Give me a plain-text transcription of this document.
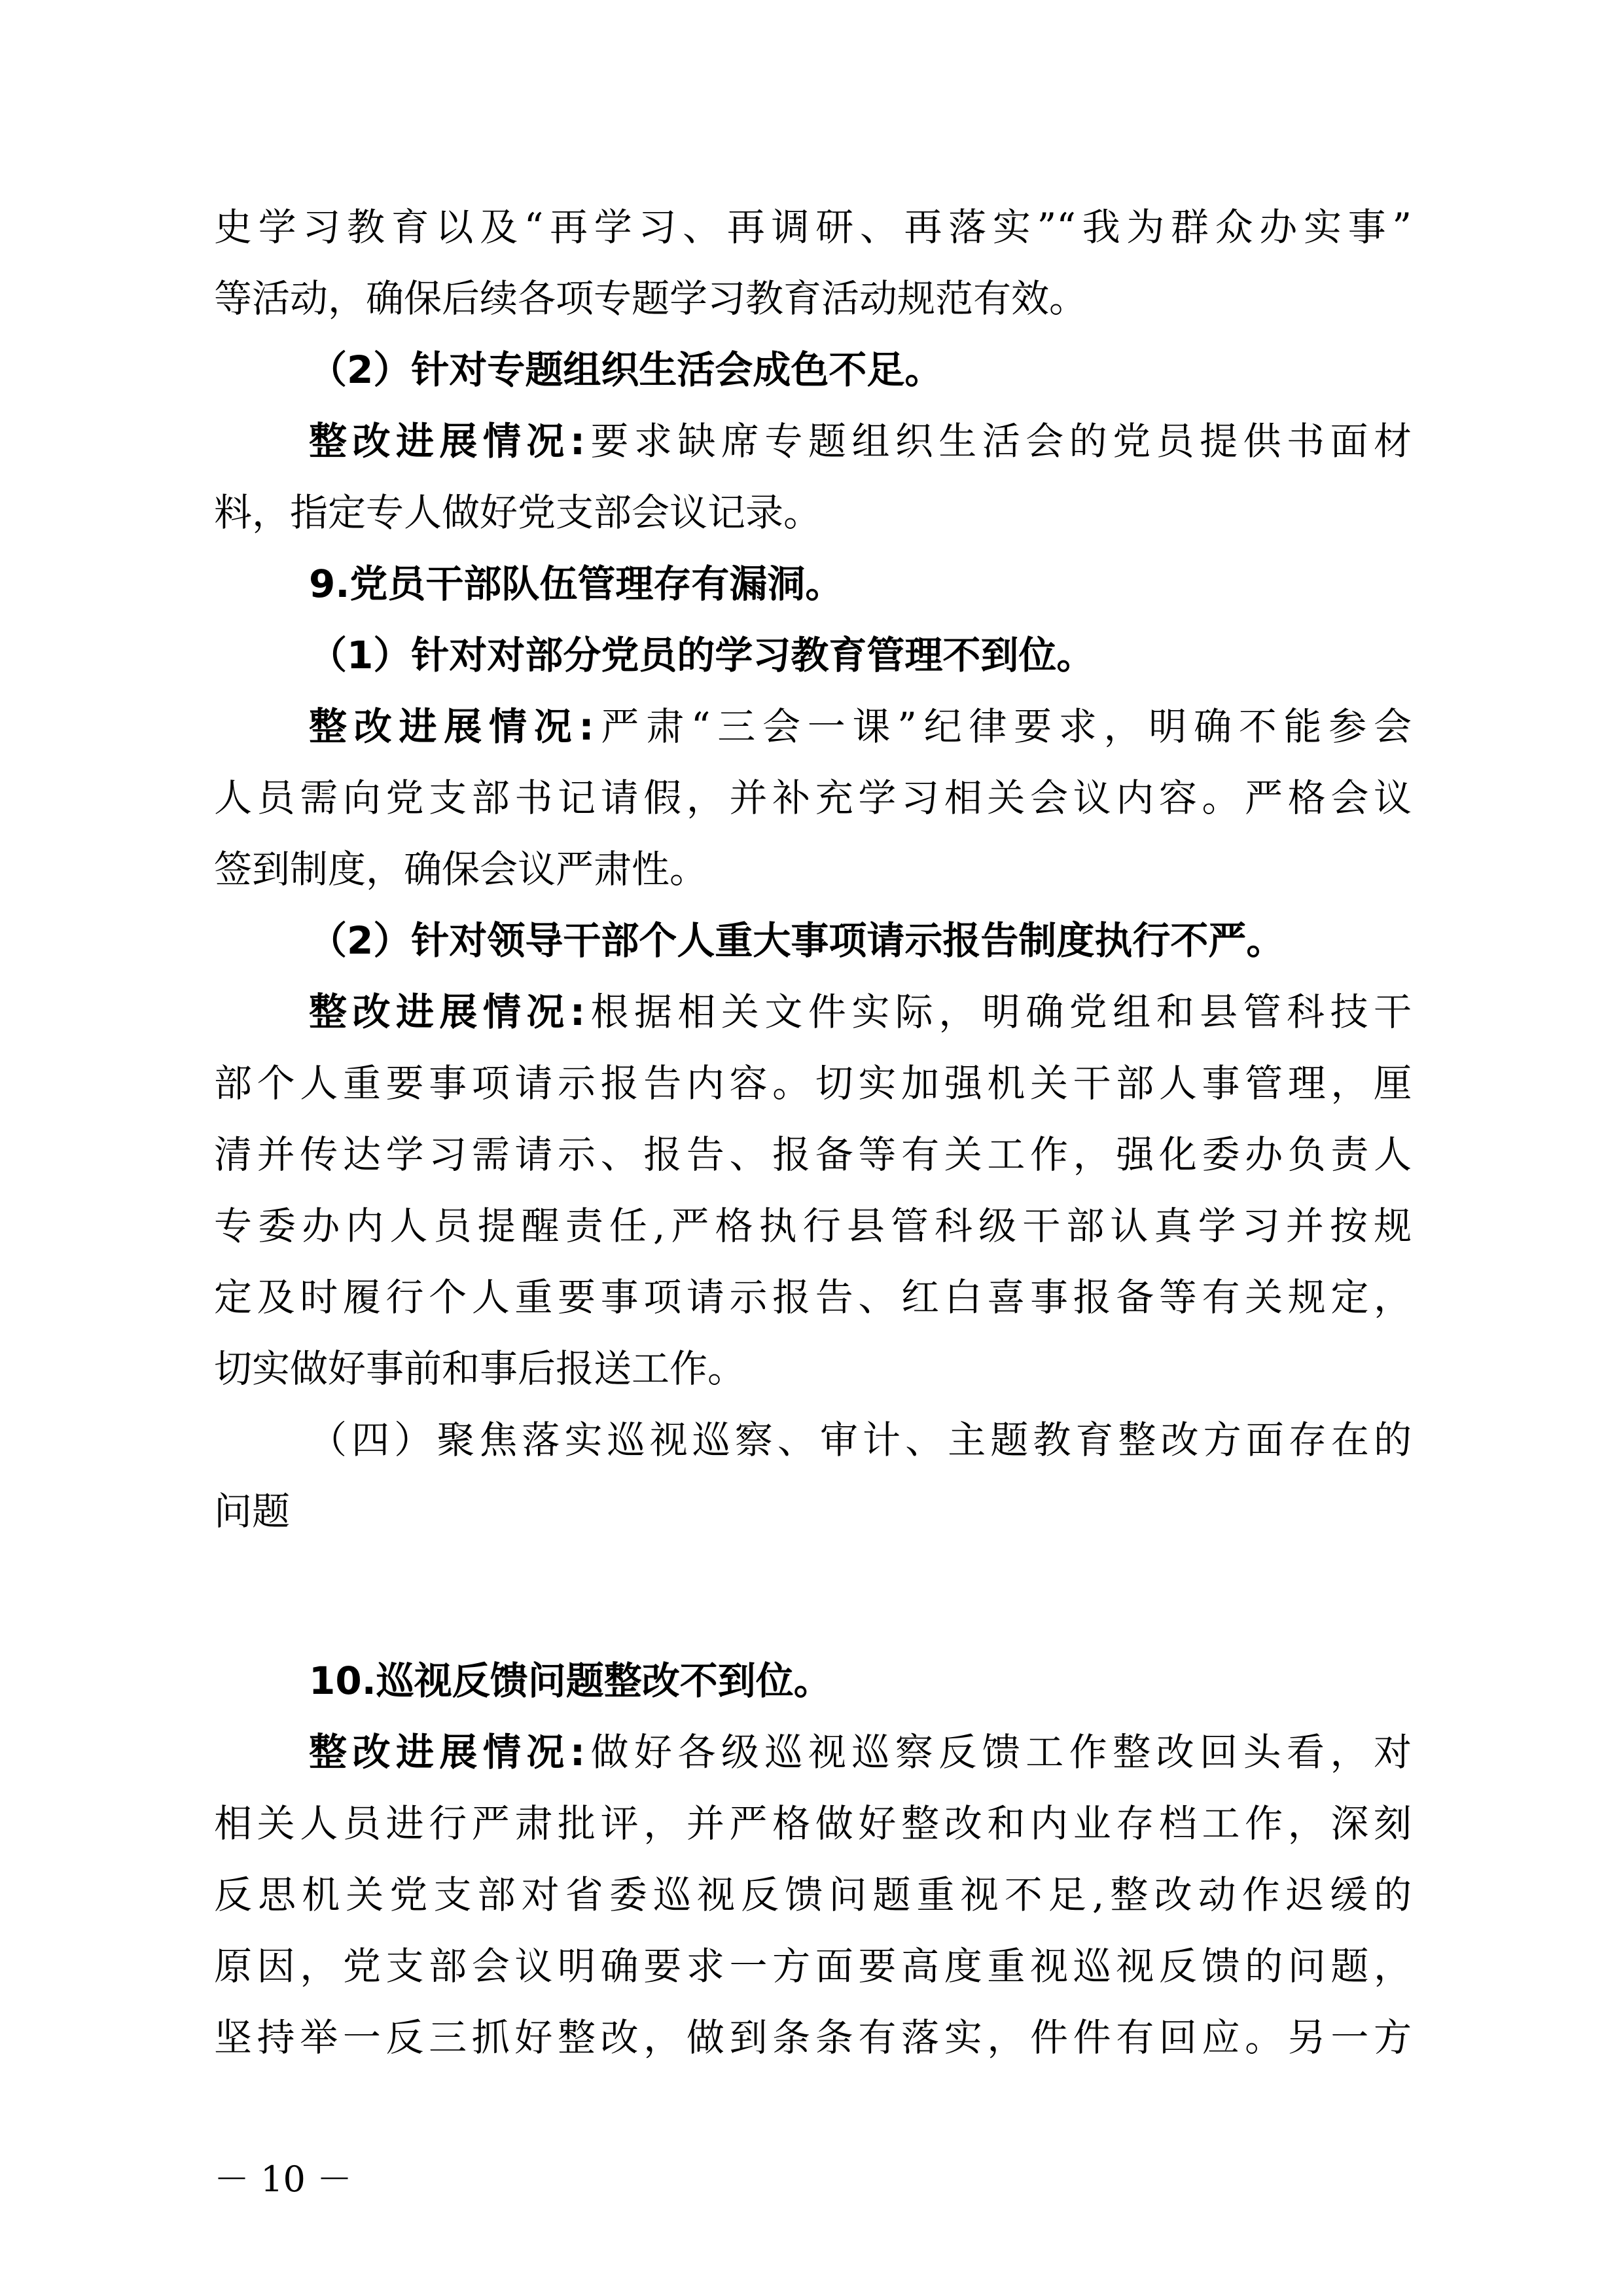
史学习教育以及“再学习、再调研、再落实”“我为群众办实事”
等活动，确保后续各项专题学习教育活动规范有效。
（2）针对专题组织生活会成色不足。
整改进展情况:要求缺席专题组织生活会的党员提供书面材
料，指定专人做好党支部会议记录。
9.党员干部队伍管理存有漏洞。
（1）针对对部分党员的学习教育管理不到位。
整改进展情况:严肃“三会一课”纪律要求，明确不能参会
人员需向党支部书记请假，并补充学习相关会议内容。严格会议
签到制度，确保会议严肃性。
（2）针对领导干部个人重大事项请示报告制度执行不严。
整改进展情况:根据相关文件实际，明确党组和县管科技干
部个人重要事项请示报告内容。切实加强机关干部人事管理，厘
清并传达学习需请示、报告、报备等有关工作，强化委办负责人
专委办内人员提醒责任,严格执行县管科级干部认真学习并按规
定及时履行个人重要事项请示报告、红白喜事报备等有关规定，
切实做好事前和事后报送工作。
（四）聚焦落实巡视巡察、审计、主题教育整改方面存在的
问题
10.巡视反馈问题整改不到位。
整改进展情况:做好各级巡视巡察反馈工作整改回头看，对
相关人员进行严肃批评，并严格做好整改和内业存档工作，深刻
反思机关党支部对省委巡视反馈问题重视不足,整改动作迟缓的
原因，党支部会议明确要求一方面要高度重视巡视反馈的问题，
坚持举一反三抓好整改，做到条条有落实，件件有回应。另一方
－ 10 －
